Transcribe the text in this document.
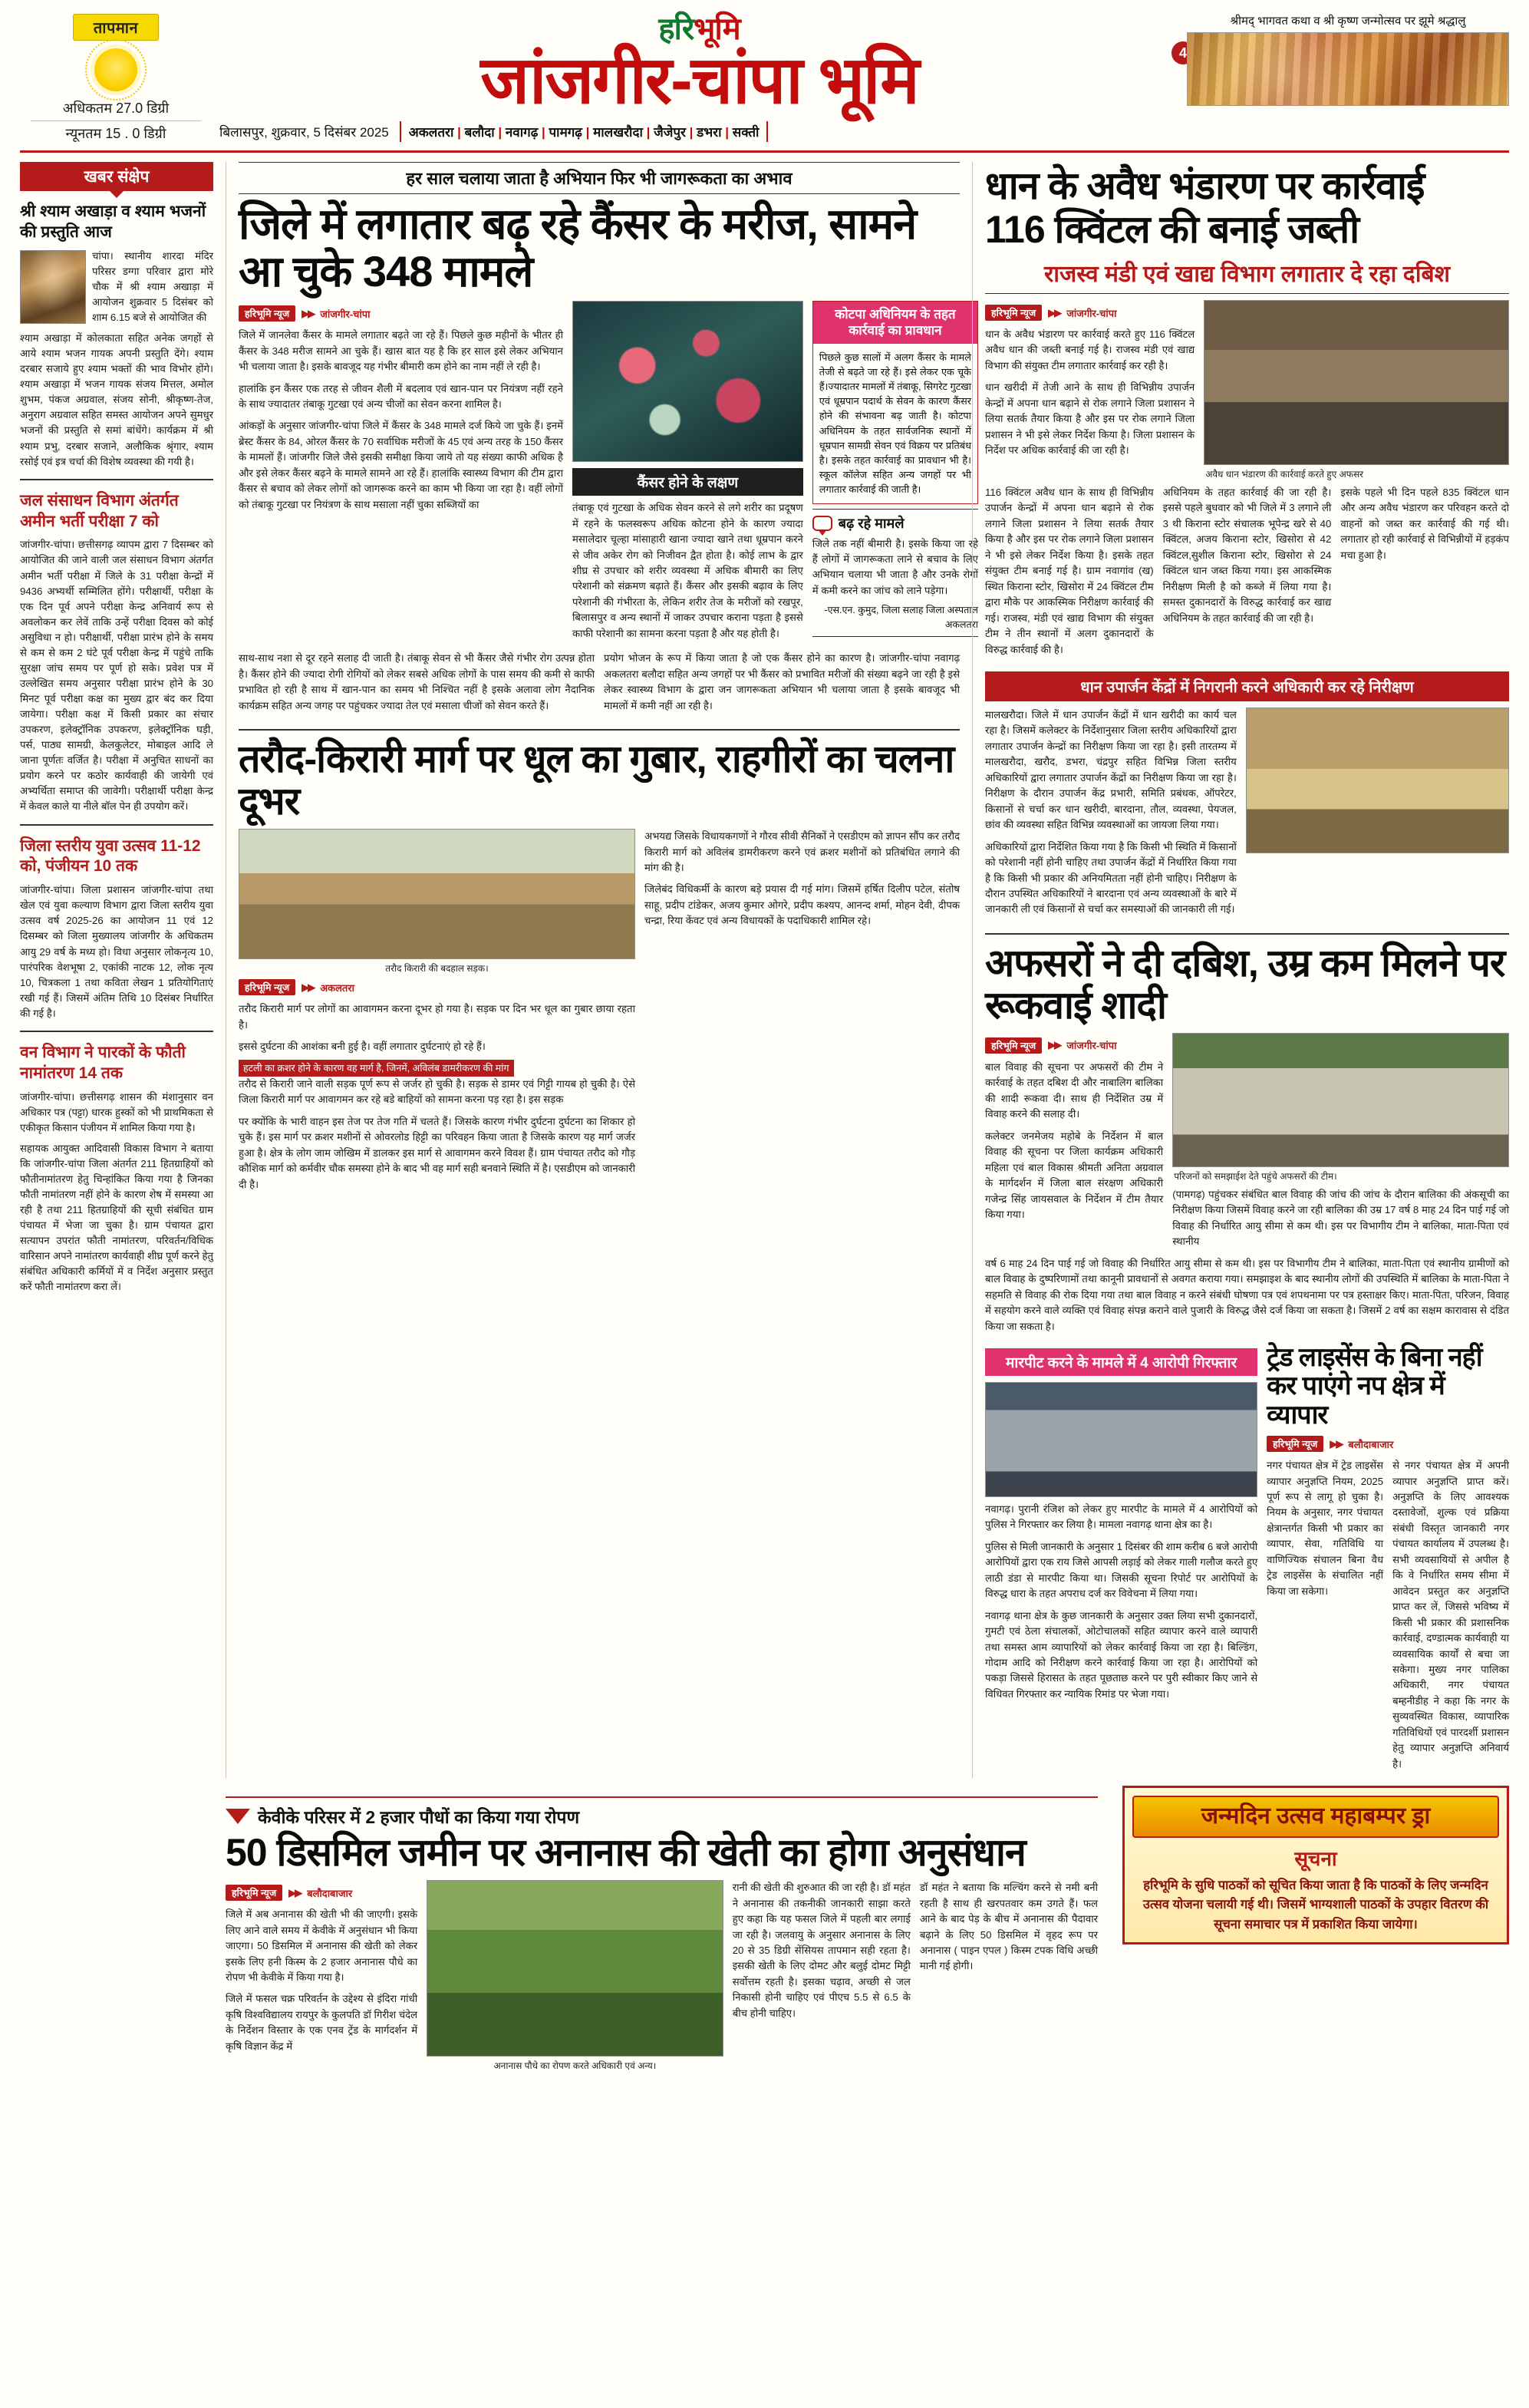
तापमान
अधिकतम 27.0 डिग्री
न्यूनतम 15 . 0 डिग्री
हरिभूमि
जांजगीर-चांपा भूमि
बिलासपुर, शुक्रवार, 5 दिसंबर 2025	अकलतरा | बलौदा | नवागढ़ | पामगढ़ | मालखरौदा | जैजेपुर | डभरा | सक्ती
4
श्रीमद् भागवत कथा व श्री कृष्ण जन्मोत्सव पर झूमे श्रद्धालु
खबर संक्षेप
श्री श्याम अखाड़ा व श्याम भजनों की प्रस्तुति आज

चांपा। स्थानीय शारदा मंदिर परिसर डग्गा परिवार द्वारा मोरे चौक में श्री श्याम अखाड़ा में आयोजन शुक्रवार 5 दिसंबर को शाम 6.15 बजे से आयोजित की

श्याम अखाड़ा में कोलकाता सहित अनेक जगहों से आये श्याम भजन गायक अपनी प्रस्तुति देंगे। श्याम दरबार सजाये हुए श्याम भक्तों की भाव विभोर होंगे। श्याम अखाड़ा में भजन गायक संजय मित्तल, अमोल शुभम, पंकज अग्रवाल, संजय सोनी, श्रीकृष्ण-तेज, अनुराग अग्रवाल सहित समस्त आयोजन अपने सुमधुर भजनों की प्रस्तुति से समां बांधेंगे। कार्यक्रम में श्री श्याम प्रभु, दरबार सजाने, अलौकिक श्रृंगार, श्याम रसोई एवं इत्र चर्चा की विशेष व्यवस्था की गयी है।

जल संसाधन विभाग अंतर्गत अमीन भर्ती परीक्षा 7 को

जांजगीर-चांपा। छत्तीसगढ़ व्यापम द्वारा 7 दिसम्बर को आयोजित की जाने वाली जल संसाधन विभाग अंतर्गत अमीन भर्ती परीक्षा में जिले के 31 परीक्षा केन्द्रों में 9436 अभ्यर्थी सम्मिलित होंगे। परीक्षार्थी, परीक्षा के एक दिन पूर्व अपने परीक्षा केन्द्र अनिवार्य रूप से अवलोकन कर लेवें ताकि उन्हें परीक्षा दिवस को कोई असुविधा न हो। परीक्षार्थी, परीक्षा प्रारंभ होने के समय से कम से कम 2 घंटे पूर्व परीक्षा केन्द्र में पहुंचे ताकि सुरक्षा जांच समय पर पूर्ण हो सके। प्रवेश पत्र में उल्लेखित समय अनुसार परीक्षा प्रारंभ होने के 30 मिनट पूर्व परीक्षा कक्ष का मुख्य द्वार बंद कर दिया जायेगा। परीक्षा कक्ष में किसी प्रकार का संचार उपकरण, इलेक्ट्रॉनिक उपकरण, इलेक्ट्रॉनिक घड़ी, पर्स, पाठ्य सामग्री, केलकुलेटर, मोबाइल आदि ले जाना पूर्णतः वर्जित है। परीक्षा में अनुचित साधनों का प्रयोग करने पर कठोर कार्यवाही की जायेगी एवं अभ्यर्थिता समाप्त की जावेगी। परीक्षार्थी परीक्षा केन्द्र में केवल काले या नीले बॉल पेन ही उपयोग करें।

जिला स्तरीय युवा उत्सव 11-12 को, पंजीयन 10 तक

जांजगीर-चांपा। जिला प्रशासन जांजगीर-चांपा तथा खेल एवं युवा कल्याण विभाग द्वारा जिला स्तरीय युवा उत्सव वर्ष 2025-26 का आयोजन 11 एवं 12 दिसम्बर को जिला मुख्यालय जांजगीर के अधिकतम आयु 29 वर्ष के मध्य हो। विधा अनुसार लोकनृत्य 10, पारंपरिक वेशभूषा 2, एकांकी नाटक 12, लोक नृत्य 10, चित्रकला 1 तथा कविता लेखन 1 प्रतियोगिताएं रखी गई हैं। जिसमें अंतिम तिथि 10 दिसंबर निर्धारित की गई है।

वन विभाग ने पारकों के फौती नामांतरण 14 तक

जांजगीर-चांपा। छत्तीसगढ़ शासन की मंशानुसार वन अधिकार पत्र (पट्टा) धारक हुस्कों को भी प्राथमिकता से एकीकृत किसान पंजीयन में शामिल किया गया है।

सहायक आयुक्त आदिवासी विकास विभाग ने बताया कि जांजगीर-चांपा जिला अंतर्गत 211 हितग्राहियों को फौतीनामांतरण हेतु चिन्हांकित किया गया है जिनका फौती नामांतरण नहीं होने के कारण शेष में समस्या आ रही है तथा 211 हितग्राहियों की सूची संबंधित ग्राम पंचायत में भेजा जा चुका है। ग्राम पंचायत द्वारा सत्यापन उपरांत फौती नामांतरण, परिवर्तन/विधिक वारिसान अपने नामांतरण कार्यवाही शीघ्र पूर्ण करने हेतु संबंधित अधिकारी कर्मियों में व निर्देश अनुसार प्रस्तुत करें फौती नामांतरण करा लें।

हर साल चलाया जाता है अभियान फिर भी जागरूकता का अभाव
जिले में लगातार बढ़ रहे कैंसर के मरीज, सामने आ चुके 348 मामले
हरिभूमि न्यूज	▶▶ जांजगीर-चांपा

जिले में जानलेवा कैंसर के मामले लगातार बढ़ते जा रहे हैं। पिछले कुछ महीनों के भीतर ही कैंसर के 348 मरीज सामने आ चुके हैं। खास बात यह है कि हर साल इसे लेकर अभियान भी चलाया जाता है। इसके बावजूद यह गंभीर बीमारी कम होने का नाम नहीं ले रही है।

हालांकि इन कैंसर एक तरह से जीवन शैली में बदलाव एवं खान-पान पर नियंत्रण नहीं रहने के साथ ज्यादातर तंबाकू गुटखा एवं अन्य चीजों का सेवन करना शामिल है।

आंकड़ों के अनुसार जांजगीर-चांपा जिले में कैंसर के 348 मामले दर्ज किये जा चुके हैं। इनमें ब्रेस्ट कैंसर के 84, ओरल कैंसर के 70 सर्वाधिक मरीजों के 45 एवं अन्य तरह के 150 कैंसर के मामलों हैं। जांजगीर जिले जैसे इसकी समीक्षा किया जाये तो यह संख्या काफी अधिक है और इसे लेकर कैंसर बढ़ने के मामले सामने आ रहे हैं। हालांकि स्वास्थ्य विभाग की टीम द्वारा कैंसर से बचाव को लेकर लोगों को जागरूक करने का काम भी किया जा रहा है। वहीं लोगों को तंबाकू गुटखा पर नियंत्रण के साथ मसाला नहीं चुका सब्जियों का

कैंसर होने के लक्षण

तंबाकू एवं गुटखा के अधिक सेवन करने से लगे शरीर का प्रदूषण में रहने के फलस्वरूप अधिक कोटना होने के कारण ज्यादा मसालेदार चूल्हा मांसाहारी खाना ज्यादा खाने तथा धूम्रपान करने से जीव अकेर रोग को निजीवन द्वैत होता है। कोई लाभ के द्वार शीघ्र से उपचार को शरीर व्यवस्था में अधिक बीमारी का लिए परेशानी को संक्रमण बढ़ाते हैं। कैंसर और इसकी बढ़ाव के लिए परेशानी की गंभीरता के, लेकिन शरीर तेज के मरीजों को रखपूर, बिलासपुर व अन्य स्थानों में जाकर उपचार कराना पड़ता है इससे काफी परेशानी का सामना करना पड़ता है और यह होती है।

कोटपा अधिनियम के तहत कार्रवाई का प्रावधान
पिछले कुछ सालों में अलग कैंसर के मामले तेजी से बढ़ते जा रहे हैं। इसे लेकर एक चूके हैं।ज्यादातर मामलों में तंबाकू, सिगरेट गुटखा एवं धूम्रपान पदार्थ के सेवन के कारण कैंसर होने की संभावना बढ़ जाती है। कोटपा अधिनियम के तहत सार्वजनिक स्थानों में धूम्रपान सामग्री सेवन एवं विक्रय पर प्रतिबंध है। इसके तहत कार्रवाई का प्रावधान भी है। स्कूल कॉलेज सहित अन्य जगहों पर भी लगातार कार्रवाई की जाती है।
बढ़ रहे मामले
जिले तक नहीं बीमारी है। इसके किया जा रहे हैं लोगों में जागरूकता लाने से बचाव के लिए अभियान चलाया भी जाता है और उनके रोगों में कमी करने का जांच को लाने पड़ेगा।
-एस.एन. कुमुद, जिला सलाह जिला अस्पताल अकलतरा

साथ-साथ नशा से दूर रहने सलाह दी जाती है। तंबाकू सेवन से भी कैंसर जैसे गंभीर रोग उत्पन्न होता है। कैंसर होने की ज्यादा रोगी रोगियों को लेकर सबसे अधिक लोगों के पास समय की कमी से काफी प्रभावित हो रही है साथ में खान-पान का समय भी निश्चित नहीं है इसके अलावा लोग नैदानिक कार्यक्रम सहित अन्य जगह पर पहुंचकर ज्यादा तेल एवं मसाला चीजों को सेवन करते हैं।

प्रयोग भोजन के रूप में किया जाता है जो एक कैंसर होने का कारण है। जांजगीर-चांपा नवागढ़ अकलतरा बलौदा सहित अन्य जगहों पर भी कैंसर को प्रभावित मरीजों की संख्या बढ़ने जा रही है इसे लेकर स्वास्थ्य विभाग के द्वारा जन जागरूकता अभियान भी चलाया जाता है इसके बावजूद भी मामलों में कमी नहीं आ रही है।

तरौद-किरारी मार्ग पर धूल का गुबार, राहगीरों का चलना दूभर
तरौद किरारी की बदहाल सड़क।
हरिभूमि न्यूज	▶▶ अकलतरा

तरौद किरारी मार्ग पर लोगों का आवागमन करना दूभर हो गया है। सड़क पर दिन भर धूल का गुबार छाया रहता है।

इससे दुर्घटना की आशंका बनी हुई है। वहीं लगातार दुर्घटनाएं हो रहे हैं।

हटली का क्रशर होने के कारण वह मार्ग है, जिनमें, अविलंब डामरीकरण की मांग

तरौद से किरारी जाने वाली सड़क पूर्ण रूप से जर्जर हो चुकी है। सड़क से डामर एवं गिट्टी गायब हो चुकी है। ऐसे जिला किरारी मार्ग पर आवागमन कर रहे बडे बाहियों को सामना करना पड़ रहा है। इस सड़क

पर क्योंकि के भारी वाहन इस तेज पर तेज गति में चलते हैं। जिसके कारण गंभीर दुर्घटना दुर्घटना का शिकार हो चुके हैं। इस मार्ग पर क्रशर मशीनों से ओवरलोड हिट्टी का परिवहन किया जाता है जिसके कारण यह मार्ग जर्जर हुआ है। क्षेत्र के लोग जाम जोखिम में डालकर इस मार्ग से आवागमन करने विवश हैं। ग्राम पंचायत तरौद को गौड़ कौशिक मार्ग को कर्मवीर चौक समस्या होने के बाद भी वह मार्ग सही बनवाने स्थिति में है। एसडीएम को जानकारी दी है।

अभयद्य जिसके विधायकगणों ने गौरव सीवी सैनिकों ने एसडीएम को ज्ञापन सौंप कर तरौद किरारी मार्ग को अविलंब डामरीकरण करने एवं क्रशर मशीनों को प्रतिबंधित लगाने की मांग की है।

जिलेबंद विधिकर्मी के कारण बड़े प्रयास दी गई मांग। जिसमें हर्षित दिलीप पटेल, संतोष साहू, प्रदीप टांडेकर, अजय कुमार ओगरे, प्रदीप कश्यप, आनन्द शर्मा, मोहन देवी, दीपक चन्द्रा, रिया केंवट एवं अन्य विधायकों के पदाधिकारी शामिल रहे।

धान के अवैध भंडारण पर कार्रवाई
116 क्विंटल की बनाई जब्ती
राजस्व मंडी एवं खाद्य विभाग लगातार दे रहा दबिश
हरिभूमि न्यूज	▶▶ जांजगीर-चांपा

धान के अवैध भंडारण पर कार्रवाई करते हुए 116 क्विंटल अवैध धान की जब्ती बनाई गई है। राजस्व मंडी एवं खाद्य विभाग की संयुक्त टीम लगातार कार्रवाई कर रही है।

धान खरीदी में तेजी आने के साथ ही विभिन्नीय उपार्जन केन्द्रों में अपना धान बढ़ाने से रोक लगाने जिला प्रशासन ने लिया सतर्क तैयार किया है और इस पर रोक लगाने जिला प्रशासन ने भी इसे लेकर निर्देश किया है। जिला प्रशासन के निर्देश पर अधिक कार्रवाई की जा रही है।

अवैध धान भंडारण की कार्रवाई करते हुए अफसर

116 क्विंटल अवैध धान के साथ ही विभिन्नीय उपार्जन केन्द्रों में अपना धान बढ़ाने से रोक लगाने जिला प्रशासन ने लिया सतर्क तैयार किया है और इस पर रोक लगाने जिला प्रशासन ने भी इसे लेकर निर्देश किया है। इसके तहत संयुक्त टीम बनाई गई है। ग्राम नवागांव (ख) स्थित किराना स्टोर, खिसोरा में 24 क्विंटल टीम द्वारा मौके पर आकस्मिक निरीक्षण कार्रवाई की गई। राजस्व, मंडी एवं खाद्य विभाग की संयुक्त टीम ने तीन स्थानों में अलग दुकानदारों के विरुद्ध कार्रवाई की है।

अधिनियम के तहत कार्रवाई की जा रही है। इससे पहले बुधवार को भी जिले में 3 लगाने ली 3 थी किराना स्टोर संचालक भूपेन्द्र खरे से 40 क्विंटल, अजय किराना स्टोर, खिसोरा से 42 क्विंटल,सुशील किराना स्टोर, खिसोरा से 24 क्विंटल धान जब्त किया गया। इस आकस्मिक निरीक्षण मिली है को कब्जे में लिया गया है। समस्त दुकानदारों के विरुद्ध कार्रवाई कर खाद्य अधिनियम के तहत कार्रवाई की जा रही है।

इसके पहले भी दिन पहले 835 क्विंटल धान और अन्य अवैध भंडारण कर परिवहन करते दो वाहनों को जब्त कर कार्रवाई की गई थी। लगातार हो रही कार्रवाई से विभिन्नीयों में हड़कंप मचा हुआ है।

धान उपार्जन केंद्रों में निगरानी करने अधिकारी कर रहे निरीक्षण

मालखरौदा। जिले में धान उपार्जन केंद्रों में धान खरीदी का कार्य चल रहा है। जिसमें कलेक्टर के निर्देशानुसार जिला स्तरीय अधिकारियों द्वारा लगातार उपार्जन केन्द्रों का निरीक्षण किया जा रहा है। इसी तारतम्य में मालखरौदा, खरौद, डभरा, चंद्रपुर सहित विभिन्न जिला स्तरीय अधिकारियों द्वारा लगातार उपार्जन केंद्रों का निरीक्षण किया जा रहा है। निरीक्षण के दौरान उपार्जन केंद्र प्रभारी, समिति प्रबंधक, ऑपरेटर, किसानों से चर्चा कर धान खरीदी, बारदाना, तौल, व्यवस्था, पेयजल, छांव की व्यवस्था सहित विभिन्न व्यवस्थाओं का जायजा लिया गया।

अधिकारियों द्वारा निर्देशित किया गया है कि किसी भी स्थिति में किसानों को परेशानी नहीं होनी चाहिए तथा उपार्जन केंद्रों में निर्धारित किया गया है कि किसी भी प्रकार की अनियमितता नहीं होनी चाहिए। निरीक्षण के दौरान उपस्थित अधिकारियों ने बारदाना एवं अन्य व्यवस्थाओं के बारे में जानकारी ली एवं किसानों से चर्चा कर समस्याओं की जानकारी ली गई।

अफसरों ने दी दबिश, उम्र कम मिलने पर रूकवाई शादी
हरिभूमि न्यूज	▶▶ जांजगीर-चांपा

बाल विवाह की सूचना पर अफसरों की टीम ने कार्रवाई के तहत दबिश दी और नाबालिग बालिका की शादी रूकवा दी। साथ ही निर्देशित उम्र में विवाह करने की सलाह दी।

कलेक्टर जनमेजय महोबे के निर्देशन में बाल विवाह की सूचना पर जिला कार्यक्रम अधिकारी महिला एवं बाल विकास श्रीमती अनिता अग्रवाल के मार्गदर्शन में जिला बाल संरक्षण अधिकारी गजेन्द्र सिंह जायसवाल के निर्देशन में टीम तैयार किया गया।

परिजनों को समझाईश देते पहुंचे अफसरों की टीम।

(पामगढ़) पहुंचकर संबंधित बाल विवाह की जांच की जांच के दौरान बालिका की अंकसूची का निरीक्षण किया जिसमें विवाह करने जा रही बालिका की उम्र 17 वर्ष 8 माह 24 दिन पाई गई जो विवाह की निर्धारित आयु सीमा से कम थी। इस पर विभागीय टीम ने बालिका, माता-पिता एवं स्थानीय

वर्ष 6 माह 24 दिन पाई गई जो विवाह की निर्धारित आयु सीमा से कम थी। इस पर विभागीय टीम ने बालिका, माता-पिता एवं स्थानीय ग्रामीणों को बाल विवाह के दुष्परिणामों तथा कानूनी प्रावधानों से अवगत कराया गया। समझाइश के बाद स्थानीय लोगों की उपस्थिति में बालिका के माता-पिता ने सहमति से विवाह की रोक दिया गया तथा बाल विवाह न करने संबंधी घोषणा पत्र एवं शपथनामा पर पत्र हस्ताक्षर किए। माता-पिता, परिजन, विवाह में सहयोग करने वाले व्यक्ति एवं विवाह संपन्न कराने वाले पुजारी के विरुद्ध जैसे दर्ज किया जा सकता है। जिसमें 2 वर्ष का सक्षम कारावास से दंडित किया जा सकता है।

मारपीट करने के मामले में 4 आरोपी गिरफ्तार

नवागढ़। पुरानी रंजिश को लेकर हुए मारपीट के मामले में 4 आरोपियों को पुलिस ने गिरफ्तार कर लिया है। मामला नवागढ़ थाना क्षेत्र का है।

पुलिस से मिली जानकारी के अनुसार 1 दिसंबर की शाम करीब 6 बजे आरोपी आरोपियों द्वारा एक राय जिसे आपसी लड़ाई को लेकर गाली गलौज करते हुए लाठी डंडा से मारपीट किया था। जिसकी सूचना रिपोर्ट पर आरोपियों के विरुद्ध धारा के तहत अपराध दर्ज कर विवेचना में लिया गया।

नवागढ़ थाना क्षेत्र के कुछ जानकारी के अनुसार उक्त लिया सभी दुकानदारों, गुमटी एवं ठेला संचालकों, ओटोचालकों सहित व्यापार करने वाले व्यापारी तथा समस्त आम व्यापारियों को लेकर कार्रवाई किया जा रहा है। बिल्डिंग, गोदाम आदि को निरीक्षण करने कार्रवाई किया जा रहा है। आरोपियों को पकड़ा जिससे हिरासत के तहत पूछताछ करने पर पुरी स्वीकार किए जाने से विधिवत गिरफ्तार कर न्यायिक रिमांड पर भेजा गया।

ट्रेड लाइसेंस के बिना नहीं कर पाएंगे नप क्षेत्र में व्यापार
हरिभूमि न्यूज	▶▶ बलौदाबाजार

नगर पंचायत क्षेत्र में ट्रेड लाइसेंस व्यापार अनुज्ञप्ति नियम, 2025 पूर्ण रूप से लागू हो चुका है। नियम के अनुसार, नगर पंचायत क्षेत्रान्तर्गत किसी भी प्रकार का व्यापार, सेवा, गतिविधि या वाणिज्यिक संचालन बिना वैध ट्रेड लाइसेंस के संचालित नहीं किया जा सकेगा।

से नगर पंचायत क्षेत्र में अपनी व्यापार अनुज्ञप्ति प्राप्त करें। अनुज्ञप्ति के लिए आवश्यक दस्तावेजों, शुल्क एवं प्रक्रिया संबंधी विस्तृत जानकारी नगर पंचायत कार्यालय में उपलब्ध है। सभी व्यवसायियों से अपील है कि वे निर्धारित समय सीमा में आवेदन प्रस्तुत कर अनुज्ञप्ति प्राप्त कर लें, जिससे भविष्य में किसी भी प्रकार की प्रशासनिक कार्रवाई, दण्डात्मक कार्यवाही या व्यवसायिक कार्यों से बचा जा सकेगा। मुख्य नगर पालिका अधिकारी, नगर पंचायत बम्हनीडीह ने कहा कि नगर के सुव्यवस्थित विकास, व्यापारिक गतिविधियों एवं पारदर्शी प्रशासन हेतु व्यापार अनुज्ञप्ति अनिवार्य है।

केवीके परिसर में 2 हजार पौधों का किया गया रोपण
50 डिसमिल जमीन पर अनानास की खेती का होगा अनुसंधान
हरिभूमि न्यूज	▶▶ बलौदाबाजार

जिले में अब अनानास की खेती भी की जाएगी। इसके लिए आने वाले समय में केवीके में अनुसंधान भी किया जाएगा। 50 डिसमिल में अनानास की खेती को लेकर इसके लिए हनी किस्म के 2 हजार अनानास पौधे का रोपण भी केवीके में किया गया है।

जिले में फसल चक्र परिवर्तन के उद्देश्य से इंदिरा गांधी कृषि विश्वविद्यालय रायपुर के कुलपति डॉ गिरीश चंदेल के निर्देशन विस्तार के एक एनव ट्रेंड के मार्गदर्शन में कृषि विज्ञान केंद्र में

अनानास पौधे का रोपण करते अधिकारी एवं अन्य।

रानी की खेती की शुरुआत की जा रही है। डॉ महंत ने अनानास की तकनीकी जानकारी साझा करते हुए कहा कि यह फसल जिले में पहली बार लगाई जा रही है। जलवायु के अनुसार अनानास के लिए 20 से 35 डिग्री सेंसियस तापमान सही रहता है। इसकी खेती के लिए दोमट और बलुई दोमट मिट्टी सर्वोत्तम रहती है। इसका चढ़ाव, अच्छी से जल निकासी होनी चाहिए एवं पीएच 5.5 से 6.5 के बीच होनी चाहिए।

डॉ महंत ने बताया कि मल्चिंग करने से नमी बनी रहती है साथ ही खरपतवार कम उगते हैं। फल आने के बाद पेड़ के बीच में अनानास की पैदावार बढ़ाने के लिए 50 डिसमिल में वृहद रूप पर अनानास ( पाइन एपल ) किस्म टपक विधि अच्छी मानी गई होगी।

जन्मदिन उत्सव महाबम्पर ड्रा
सूचना
हरिभूमि के सुधि पाठकों को सूचित किया जाता है कि पाठकों के लिए जन्मदिन उत्सव योजना चलायी गई थी। जिसमें भाग्यशाली पाठकों के उपहार वितरण की सूचना समाचार पत्र में प्रकाशित किया जायेगा।
